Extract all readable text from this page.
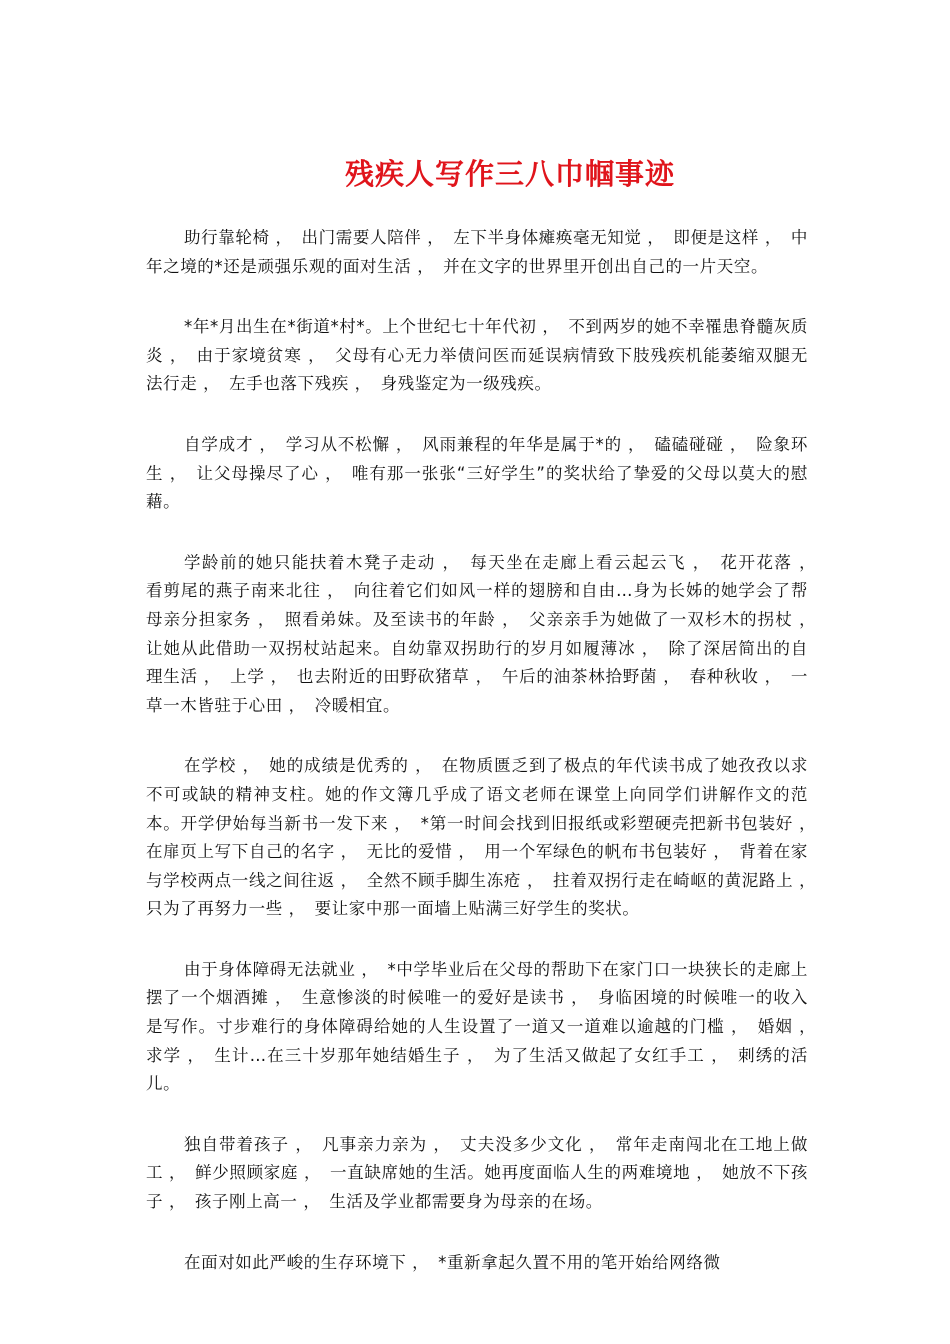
残疾人写作三八巾帼事迹

助行靠轮椅 ，　出门需要人陪伴 ，　左下半身体瘫痪毫无知觉 ，　即便是这样 ，　中年之境的*还是顽强乐观的面对生活 ，　并在文字的世界里开创出自己的一片天空。

*年*月出生在*街道*村*。上个世纪七十年代初 ，　不到两岁的她不幸罹患脊髓灰质炎 ，　由于家境贫寒 ，　父母有心无力举债问医而延误病情致下肢残疾机能萎缩双腿无法行走 ，　左手也落下残疾 ，　身残鉴定为一级残疾。

自学成才 ，　学习从不松懈 ，　风雨兼程的年华是属于*的 ，　磕磕碰碰 ，　险象环生 ，　让父母操尽了心 ，　唯有那一张张“三好学生”的奖状给了挚爱的父母以莫大的慰藉。

学龄前的她只能扶着木凳子走动 ，　每天坐在走廊上看云起云飞 ，　花开花落 ，　看剪尾的燕子南来北往 ，　向往着它们如风一样的翅膀和自由…身为长姊的她学会了帮母亲分担家务 ，　照看弟妹。及至读书的年龄 ，　父亲亲手为她做了一双杉木的拐杖 ，　让她从此借助一双拐杖站起来。自幼靠双拐助行的岁月如履薄冰 ，　除了深居简出的自理生活 ，　上学 ，　也去附近的田野砍猪草 ，　午后的油茶林拾野菌 ，　春种秋收 ，　一草一木皆驻于心田 ，　冷暖相宜。

在学校 ，　她的成绩是优秀的 ，　在物质匮乏到了极点的年代读书成了她孜孜以求不可或缺的精神支柱。她的作文簿几乎成了语文老师在课堂上向同学们讲解作文的范本。开学伊始每当新书一发下来 ，　*第一时间会找到旧报纸或彩塑硬壳把新书包装好 ，　在扉页上写下自己的名字 ，　无比的爱惜 ，　用一个军绿色的帆布书包装好 ，　背着在家与学校两点一线之间往返 ，　全然不顾手脚生冻疮 ，　拄着双拐行走在崎岖的黄泥路上 ，　只为了再努力一些 ，　要让家中那一面墙上贴满三好学生的奖状。

由于身体障碍无法就业 ，　*中学毕业后在父母的帮助下在家门口一块狭长的走廊上摆了一个烟酒摊 ，　生意惨淡的时候唯一的爱好是读书 ，　身临困境的时候唯一的收入是写作。寸步难行的身体障碍给她的人生设置了一道又一道难以逾越的门槛 ，　婚姻 ，　求学 ，　生计…在三十岁那年她结婚生子 ，　为了生活又做起了女红手工 ，　刺绣的活儿。

独自带着孩子 ，　凡事亲力亲为 ，　丈夫没多少文化 ，　常年走南闯北在工地上做工 ，　鲜少照顾家庭 ，　一直缺席她的生活。她再度面临人生的两难境地 ，　她放不下孩子 ，　孩子刚上高一 ，　生活及学业都需要身为母亲的在场。

在面对如此严峻的生存环境下 ，　*重新拿起久置不用的笔开始给网络微
